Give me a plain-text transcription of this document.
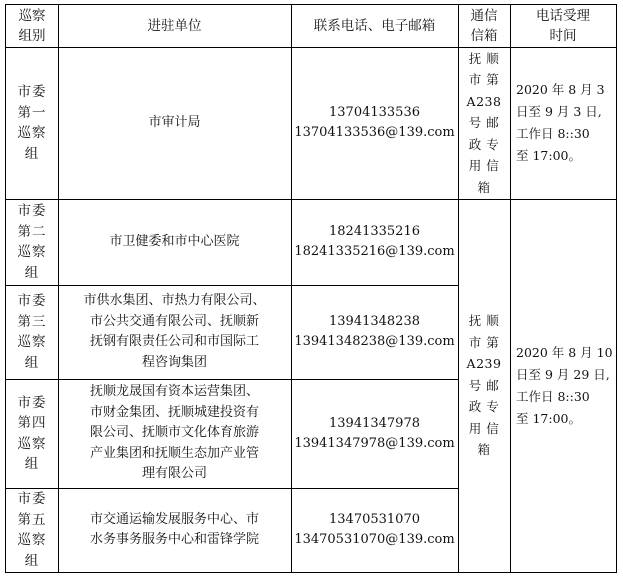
巡察
组别
进驻单位	联系电话、电子邮箱
通信
信箱
电话受理
时间
市委
第一
巡察
组
市审计局
13704133536
13704133536@139.com
抚 顺
市 第
A238
号 邮
政 专
用 信
箱
2020 年 8 月 3
日至 9 月 3 日,
工作日 8::30
至 17:00。
市委
第二
巡察
组
市卫健委和市中心医院
18241335216
18241335216@139.com
市委
第三
巡察
组
市供水集团、市热力有限公司、
市公共交通有限公司、抚顺新
抚钢有限责任公司和市国际工
程咨询集团
13941348238
13941348238@139.com
市委
第四
巡察
组
抚顺龙晟国有资本运营集团、
市财金集团、抚顺城建投资有
限公司、抚顺市文化体育旅游
产业集团和抚顺生态加产业管
理有限公司
13941347978
13941347978@139.com
市委
第五
巡察
组
市交通运输发展服务中心、市
水务事务服务中心和雷锋学院
13470531070
13470531070@139.com
抚 顺
市 第
A239
号 邮
政 专
用 信
箱
2020 年 8 月 10
日至 9 月 29 日,
工作日 8::30
至 17:00。
